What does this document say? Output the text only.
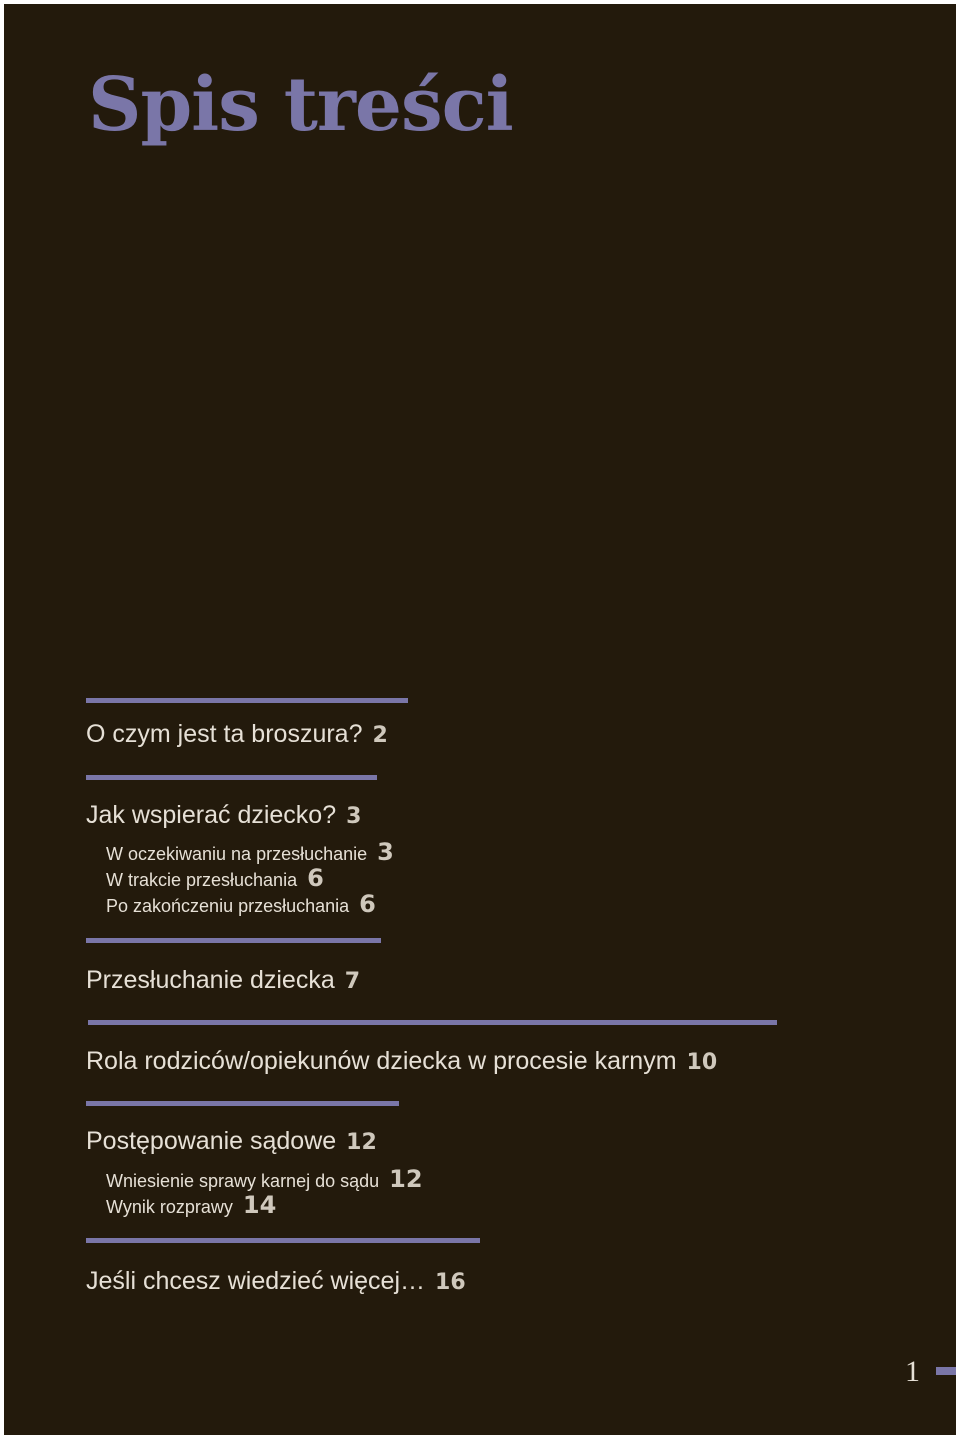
Spis treści
O czym jest ta broszura? 2
Jak wspierać dziecko? 3
W oczekiwaniu na przesłuchanie 3
W trakcie przesłuchania 6
Po zakończeniu przesłuchania 6
Przesłuchanie dziecka 7
Rola rodziców/opiekunów dziecka w procesie karnym 10
Postępowanie sądowe 12
Wniesienie sprawy karnej do sądu 12
Wynik rozprawy 14
Jeśli chcesz wiedzieć więcej… 16
1
